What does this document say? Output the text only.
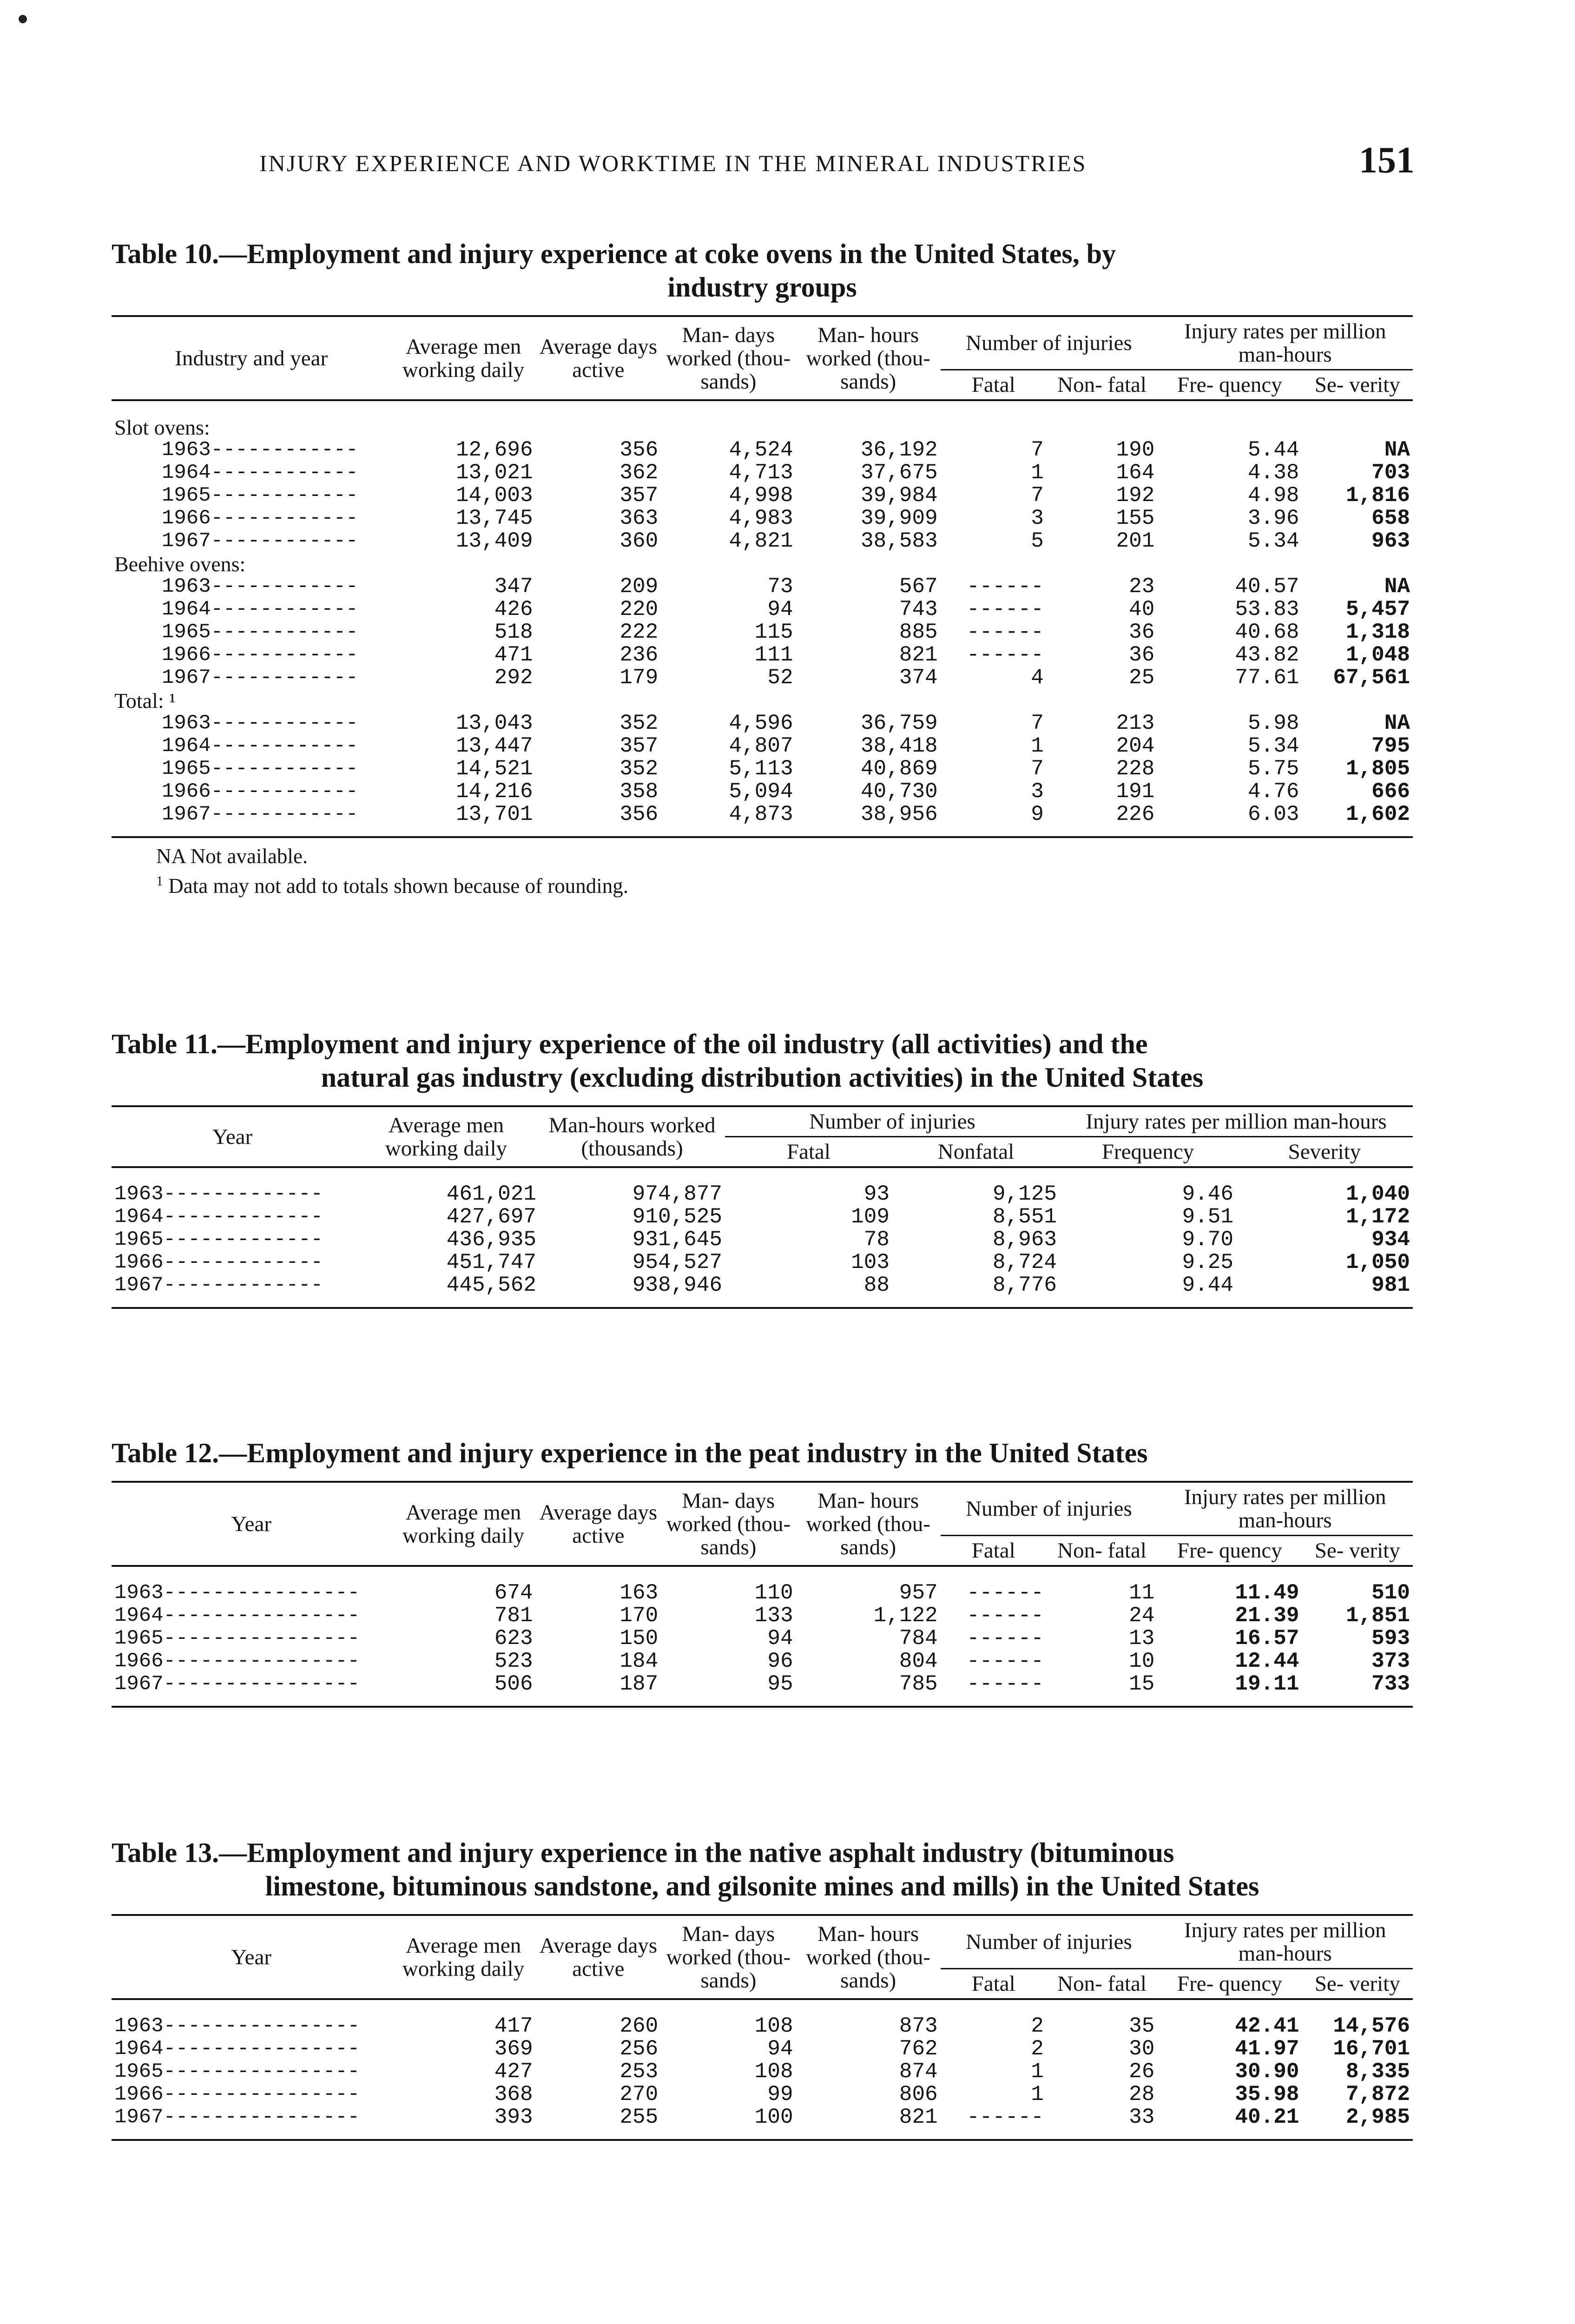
INJURY EXPERIENCE AND WORKTIME IN THE MINERAL INDUSTRIES	151
Table 10.—Employment and injury experience at coke ovens in the United States, by
industry groups
Industry and year	Average men working daily	Average days active	Man- days worked (thou- sands)	Man- hours worked (thou- sands)	Number of injuries		Injury rates per million man-hours	
					Fatal	Non- fatal	Fre- quency	Se- verity

Slot ovens:								
1963------------	12,696	356	4,524	36,192	7	190	5.44	NA
1964------------	13,021	362	4,713	37,675	1	164	4.38	703
1965------------	14,003	357	4,998	39,984	7	192	4.98	1,816
1966------------	13,745	363	4,983	39,909	3	155	3.96	658
1967------------	13,409	360	4,821	38,583	5	201	5.34	963
Beehive ovens:								
1963------------	347	209	73	567	------	23	40.57	NA
1964------------	426	220	94	743	------	40	53.83	5,457
1965------------	518	222	115	885	------	36	40.68	1,318
1966------------	471	236	111	821	------	36	43.82	1,048
1967------------	292	179	52	374	4	25	77.61	67,561
Total: ¹								
1963------------	13,043	352	4,596	36,759	7	213	5.98	NA
1964------------	13,447	357	4,807	38,418	1	204	5.34	795
1965------------	14,521	352	5,113	40,869	7	228	5.75	1,805
1966------------	14,216	358	5,094	40,730	3	191	4.76	666
1967------------	13,701	356	4,873	38,956	9	226	6.03	1,602
NA Not available.
$^1$ Data may not add to totals shown because of rounding.
Table 11.—Employment and injury experience of the oil industry (all activities) and the
natural gas industry (excluding distribution activities) in the United States
Year	Average men working daily	Man-hours worked (thousands)	Number of injuries		Injury rates per million man-hours	
			Fatal	Nonfatal	Frequency	Severity

1963-------------	461,021	974,877	93	9,125	9.46	1,040
1964-------------	427,697	910,525	109	8,551	9.51	1,172
1965-------------	436,935	931,645	78	8,963	9.70	934
1966-------------	451,747	954,527	103	8,724	9.25	1,050
1967-------------	445,562	938,946	88	8,776	9.44	981
Table 12.—Employment and injury experience in the peat industry in the United States
Year	Average men working daily	Average days active	Man- days worked (thou- sands)	Man- hours worked (thou- sands)	Number of injuries		Injury rates per million man-hours	
					Fatal	Non- fatal	Fre- quency	Se- verity

1963----------------	674	163	110	957	------	11	11.49	510
1964----------------	781	170	133	1,122	------	24	21.39	1,851
1965----------------	623	150	94	784	------	13	16.57	593
1966----------------	523	184	96	804	------	10	12.44	373
1967----------------	506	187	95	785	------	15	19.11	733
Table 13.—Employment and injury experience in the native asphalt industry (bituminous
limestone, bituminous sandstone, and gilsonite mines and mills) in the United States
Year	Average men working daily	Average days active	Man- days worked (thou- sands)	Man- hours worked (thou- sands)	Number of injuries		Injury rates per million man-hours	
					Fatal	Non- fatal	Fre- quency	Se- verity

1963----------------	417	260	108	873	2	35	42.41	14,576
1964----------------	369	256	94	762	2	30	41.97	16,701
1965----------------	427	253	108	874	1	26	30.90	8,335
1966----------------	368	270	99	806	1	28	35.98	7,872
1967----------------	393	255	100	821	------	33	40.21	2,985
